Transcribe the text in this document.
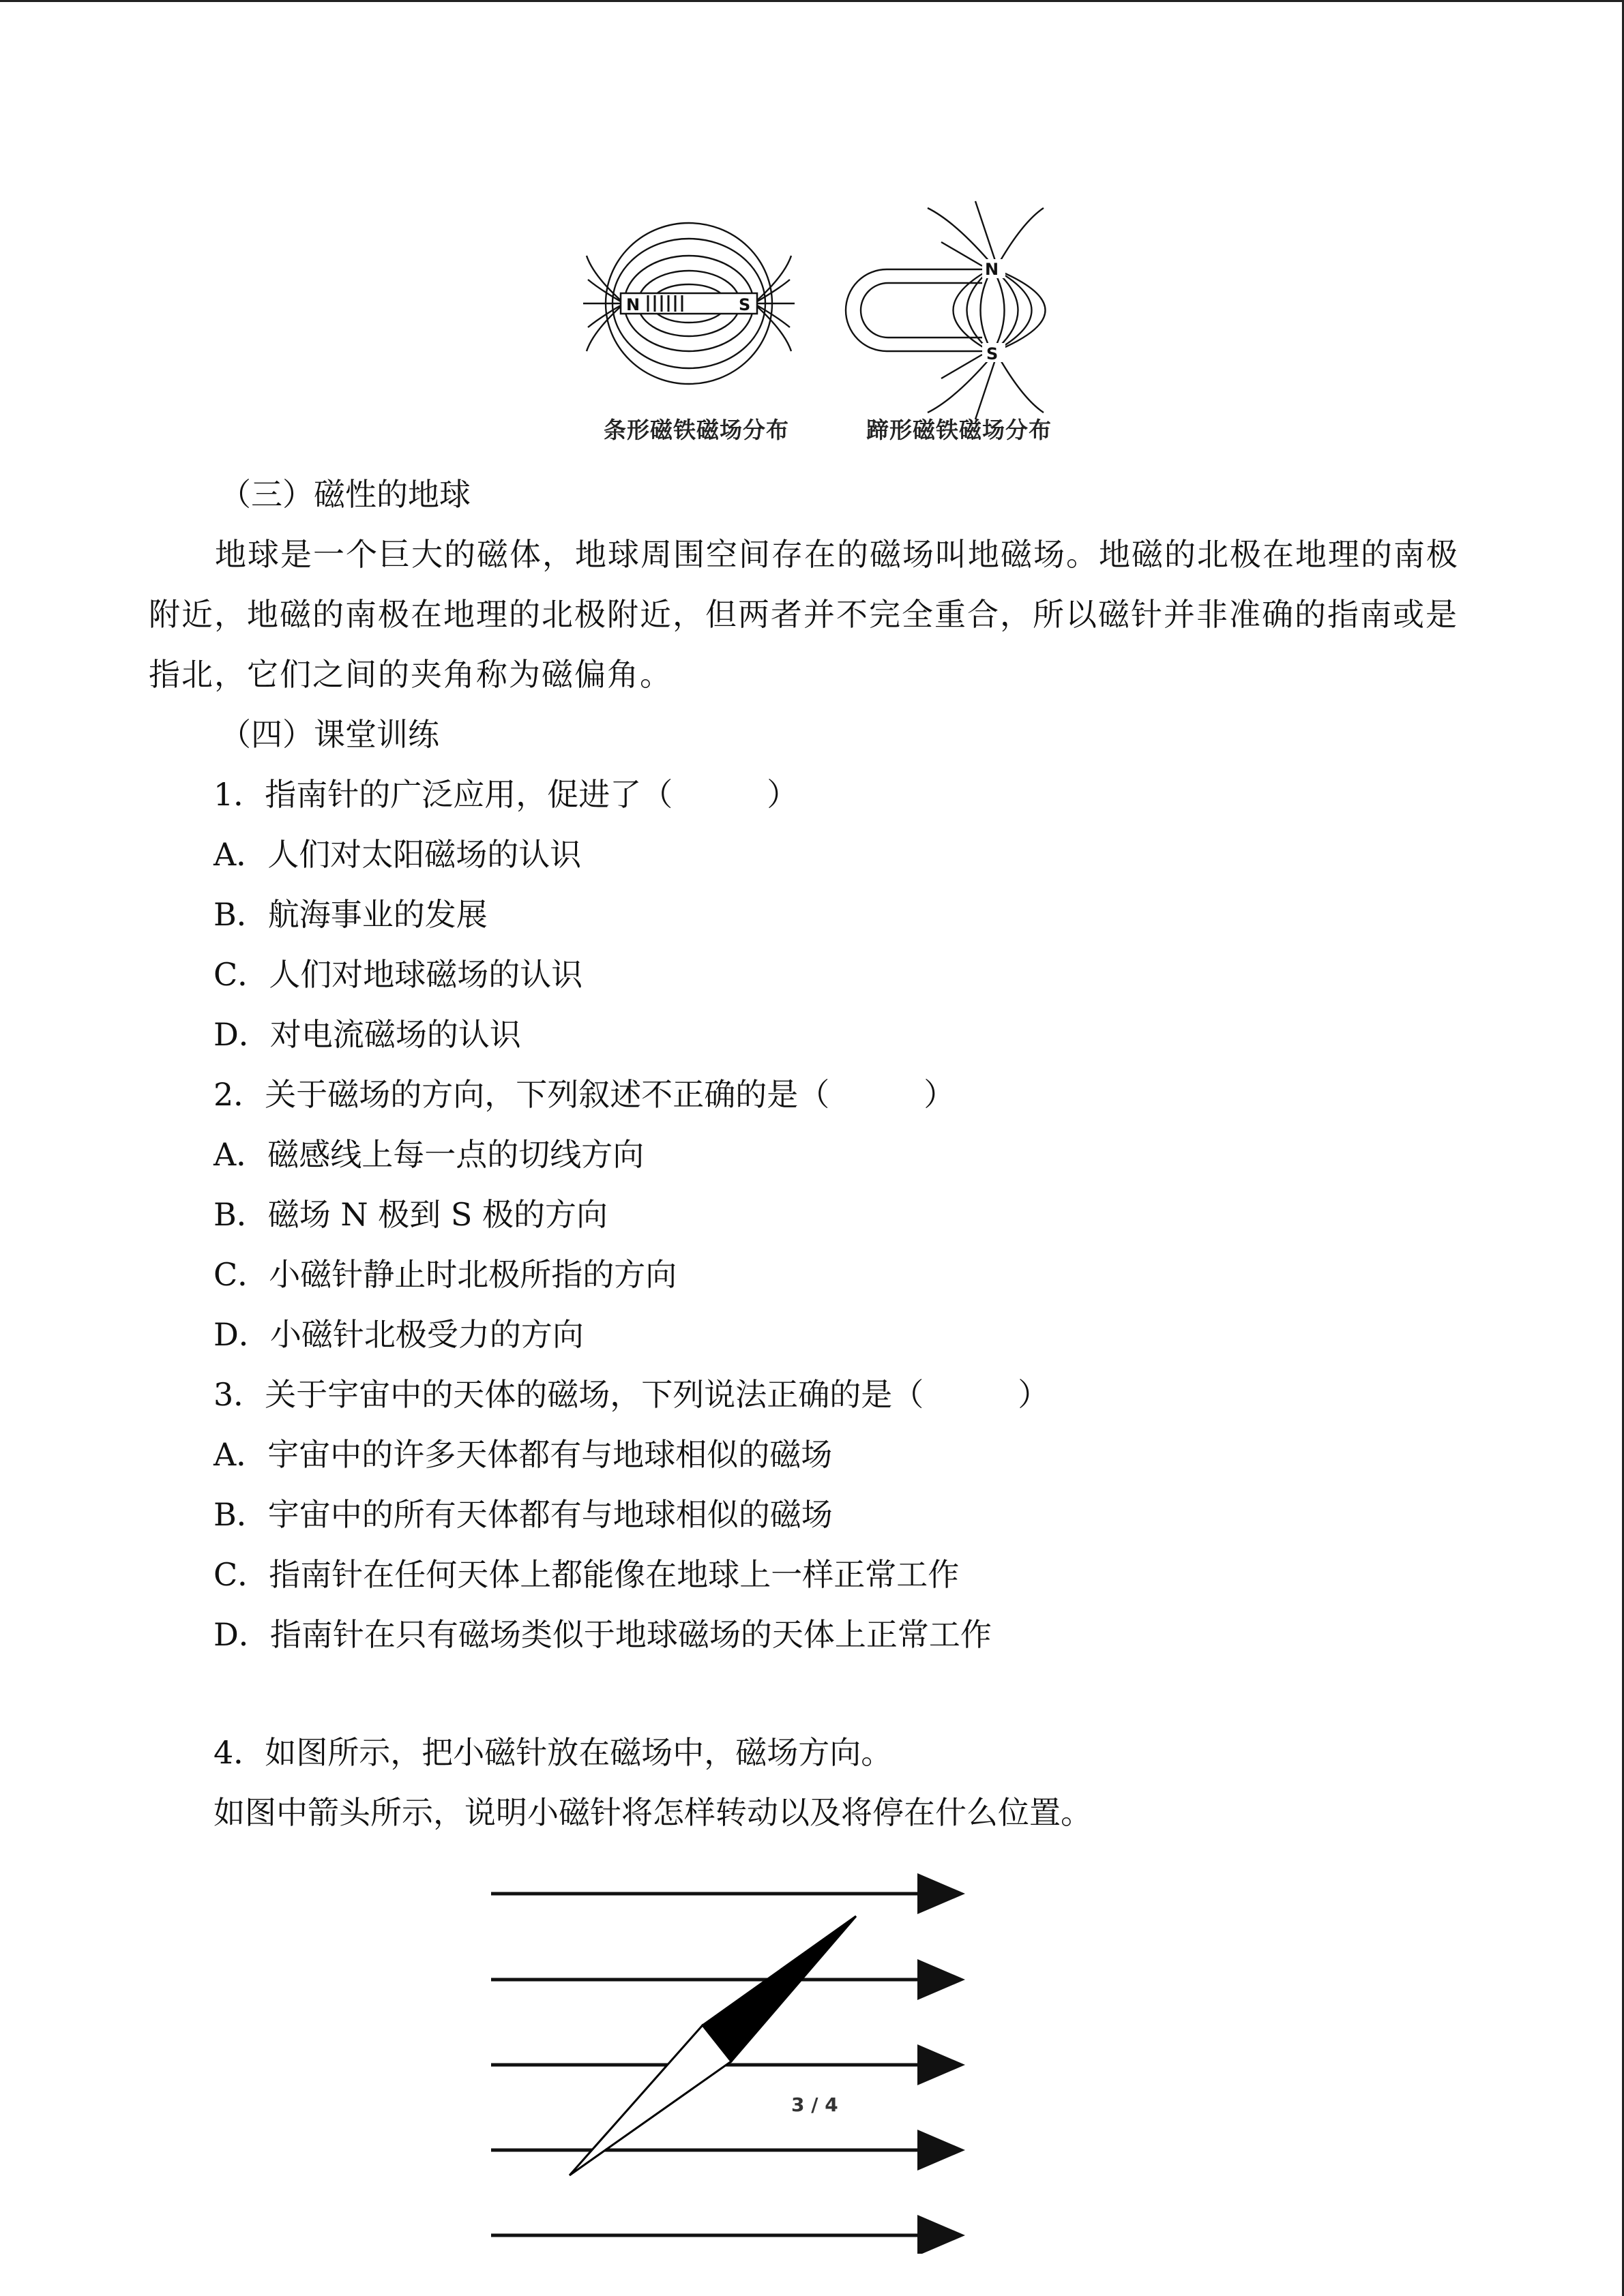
N	S
N
S
条形磁铁磁场分布	蹄形磁铁磁场分布
（三）磁性的地球
地球是一个巨大的磁体，地球周围空间存在的磁场叫地磁场。地磁的北极在地理的南极
附近，地磁的南极在地理的北极附近，但两者并不完全重合，所以磁针并非准确的指南或是
指北，它们之间的夹角称为磁偏角。
（四）课堂训练
1．指南针的广泛应用，促进了（　　　）
A．人们对太阳磁场的认识
B．航海事业的发展
C．人们对地球磁场的认识
D．对电流磁场的认识
2．关于磁场的方向，下列叙述不正确的是（　　　）
A．磁感线上每一点的切线方向
B．磁场 N 极到 S 极的方向
C．小磁针静止时北极所指的方向
D．小磁针北极受力的方向
3．关于宇宙中的天体的磁场，下列说法正确的是（　　　）
A．宇宙中的许多天体都有与地球相似的磁场
B．宇宙中的所有天体都有与地球相似的磁场
C．指南针在任何天体上都能像在地球上一样正常工作
D．指南针在只有磁场类似于地球磁场的天体上正常工作
4．如图所示，把小磁针放在磁场中，磁场方向。
如图中箭头所示，说明小磁针将怎样转动以及将停在什么位置。
3 / 4
